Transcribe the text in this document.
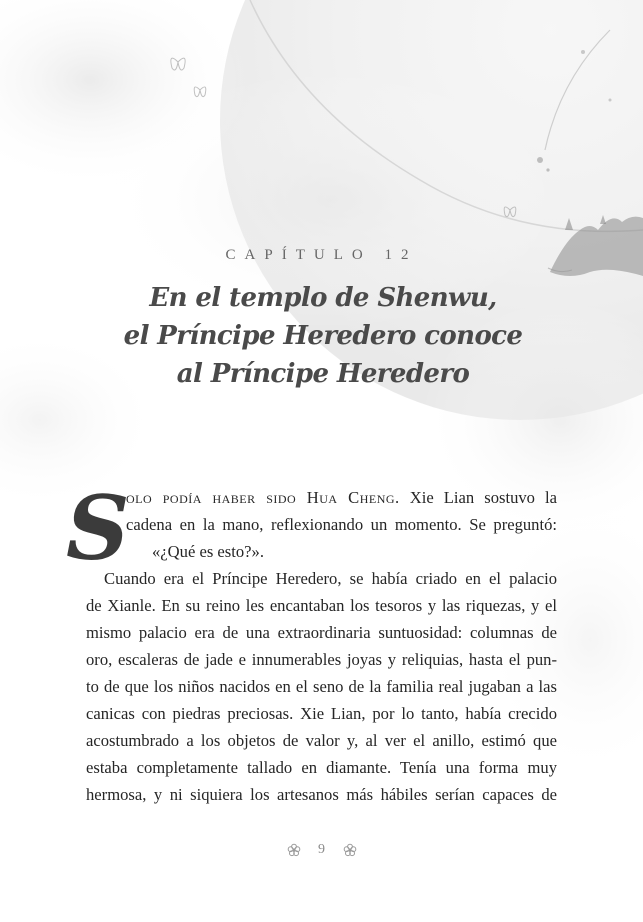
CAPÍTULO 12
En el templo de Shenwu,
el Príncipe Heredero conoce
al Príncipe Heredero
S
olo podía haber sido Hua Cheng. Xie Lian sostuvo la
cadena en la mano, reflexionando un momento. Se preguntó:
«¿Qué es esto?».
Cuando era el Príncipe Heredero, se había criado en el palacio
de Xianle. En su reino les encantaban los tesoros y las riquezas, y el
mismo palacio era de una extraordinaria suntuosidad: columnas de
oro, escaleras de jade e innumerables joyas y reliquias, hasta el pun-
to de que los niños nacidos en el seno de la familia real jugaban a las
canicas con piedras preciosas. Xie Lian, por lo tanto, había crecido
acostumbrado a los objetos de valor y, al ver el anillo, estimó que
estaba completamente tallado en diamante. Tenía una forma muy
hermosa, y ni siquiera los artesanos más hábiles serían capaces de
9
